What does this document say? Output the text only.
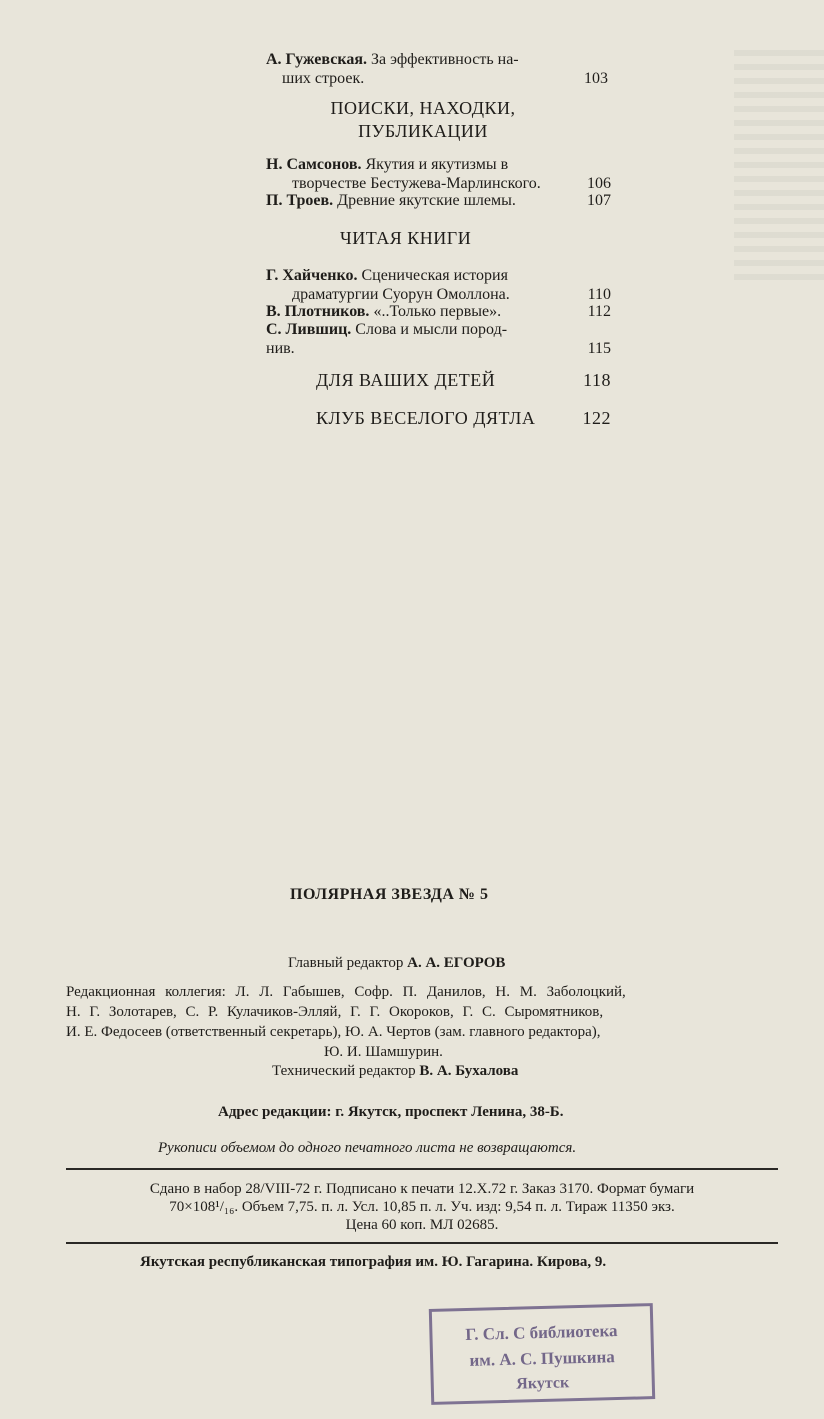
А. Гужевская. За эффективность на-
ших строек.	103
ПОИСКИ, НАХОДКИ,
ПУБЛИКАЦИИ
Н. Самсонов. Якутия и якутизмы в
творчестве Бестужева-Марлинского.	106
П. Троев. Древние якутские шлемы.	107
ЧИТАЯ КНИГИ
Г. Хайченко. Сценическая история
драматургии Суорун Омоллона.	110
В. Плотников. «..Только первые».	112
С. Лившиц. Слова и мысли пород-
нив.	115
ДЛЯ ВАШИХ ДЕТЕЙ	118
КЛУБ ВЕСЕЛОГО ДЯТЛА	122
ПОЛЯРНАЯ ЗВЕЗДА № 5
Главный редактор А. А. ЕГОРОВ
Редакционная коллегия: Л. Л. Габышев, Софр. П. Данилов, Н. М. Заболоцкий,
Н. Г. Золотарев, С. Р. Кулачиков-Элляй, Г. Г. Окороков, Г. С. Сыромятников,
И. Е. Федосеев (ответственный секретарь), Ю. А. Чертов (зам. главного редактора),
Ю. И. Шамшурин.
Технический редактор В. А. Бухалова
Адрес редакции: г. Якутск, проспект Ленина, 38-Б.
Рукописи объемом до одного печатного листа не возвращаются.
Сдано в набор 28/VIII-72 г. Подписано к печати 12.Х.72 г. Заказ 3170. Формат бумаги
70×108¹/₁₆. Объем 7,75. п. л. Усл. 10,85 п. л. Уч. изд: 9,54 п. л. Тираж 11350 экз.
Цена 60 коп. МЛ 02685.
Якутская республиканская типография им. Ю. Гагарина. Кирова, 9.
Г. Сл. С библиотека
им. А. С. Пушкина
Якутск
